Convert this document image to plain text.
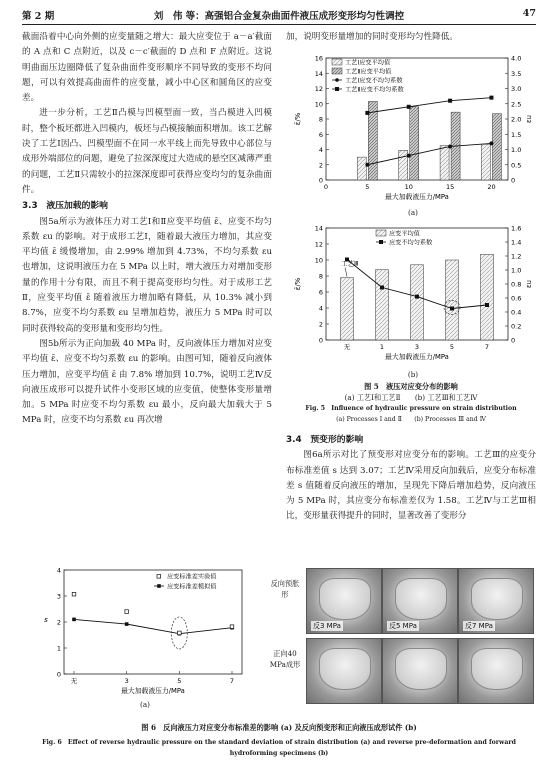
第 2 期	刘　伟 等：高强铝合金复杂曲面件液压成形变形均匀性调控	47

截面沿着中心向外侧的应变量随之增大：最大应变位于 a－a′截面的 A 点和 C 点附近，以及 c－c′截面的 D 点和 F 点附近。这说明曲面压边圈降低了复杂曲面件变形顺序不同导致的变形不均问题，可以有效提高曲面件的应变量，减小中心区和圆角区的应变差。

进一步分析，工艺Ⅱ凸模与凹模型面一致，当凸模进入凹模时，整个板坯都进入凹模内，板坯与凸模接触面积增加。该工艺解决了工艺Ⅰ因凸、凹模型面不在同一水平线上而先导致中心部位与成形外端部位的问题，避免了拉深深度过大造成的悬空区减薄严重的问题，工艺Ⅱ只需较小的拉深深度即可获得应变均匀的复杂曲面件。

3.3　液压加载的影响

图5a所示为液体压力对工艺Ⅰ和Ⅱ应变平均值 ε̄、应变不均匀系数 εu 的影响。对于成形工艺Ⅰ，随着最大液压力增加，其应变平均值 ε̄ 缓慢增加，由 2.99% 增加到 4.73%，不均匀系数 εu 也增加，这说明液压力在 5 MPa 以上时，增大液压力对增加变形量的作用十分有限，而且不利于提高变形均匀性。对于成形工艺Ⅱ，应变平均值 ε̄ 随着液压力增加略有降低，从 10.3% 减小到 8.7%，应变不均匀系数 εu 呈增加趋势，液压力 5 MPa 时可以同时获得较高的变形量和变形均匀性。

图5b所示为正向加载 40 MPa 时，反向液体压力增加对应变平均值 ε̄、应变不均匀系数 εu 的影响。由图可知，随着反向液体压力增加，应变平均值 ε̄ 由 7.8% 增加到 10.7%，说明工艺Ⅳ反向液压成形可以提升试件小变形区域的应变值，使整体变形量增加。5 MPa 时应变不均匀系数 εu 最小，反向最大加载大于 5 MPa 时，应变不均匀系数 εu 再次增

加，说明变形量增加的同时变形均匀性降低。

0
2
4
6
8
10
12
14
16
0
0.5
1.0
1.5
2.0
2.5
3.0
3.5
4.0
0	5	10	15	20
最大加载液压力/MPa
ε̄/%	εu
工艺Ⅰ应变平均值
工艺Ⅱ应变平均值
工艺Ⅰ应变不均匀系数
工艺Ⅱ应变不均匀系数
(a)
0
2
4
6
8
10
12
14
0
0.2
0.4
0.6
0.8
1.0
1.2
1.4
1.6
无	1	3	5	7
最大加载液压力/MPa
ε̄/%	εu
工艺Ⅲ
应变平均值
应变不均匀系数
(b)
图 5　液压对应变分布的影响
(a) 工艺Ⅰ和工艺Ⅱ　　(b) 工艺Ⅲ和工艺Ⅳ
Fig. 5　Influence of hydraulic pressure on strain distribution
(a) Processes Ⅰ and Ⅱ　　(b) Processes Ⅲ and Ⅳ

3.4　预变形的影响

图6a所示对比了预变形对应变分布的影响。工艺Ⅲ的应变分布标准差值 s 达到 3.07；工艺Ⅳ采用反向加载后，应变分布标准差 s 值随着反向液压的增加，呈现先下降后增加趋势，反向液压为 5 MPa 时，其应变分布标准差仅为 1.58。工艺Ⅳ与工艺Ⅲ相比，变形量获得提升的同时，显著改善了变形分

0
1
2
3
4
无	3	5	7
最大加载液压力/MPa
s
应变标准差实验值
应变标准差模拟值
(a)
反向预胀形
正向40 MPa成形
反3 MPa	反5 MPa	反7 MPa
图 6　反向液压力对应变分布标准差的影响 (a) 及反向预变形和正向液压成形试件 (b)
Fig. 6　Effect of reverse hydraulic pressure on the standard deviation of strain distribution (a) and reverse pre-deformation and forward hydroforming specimens (b)
